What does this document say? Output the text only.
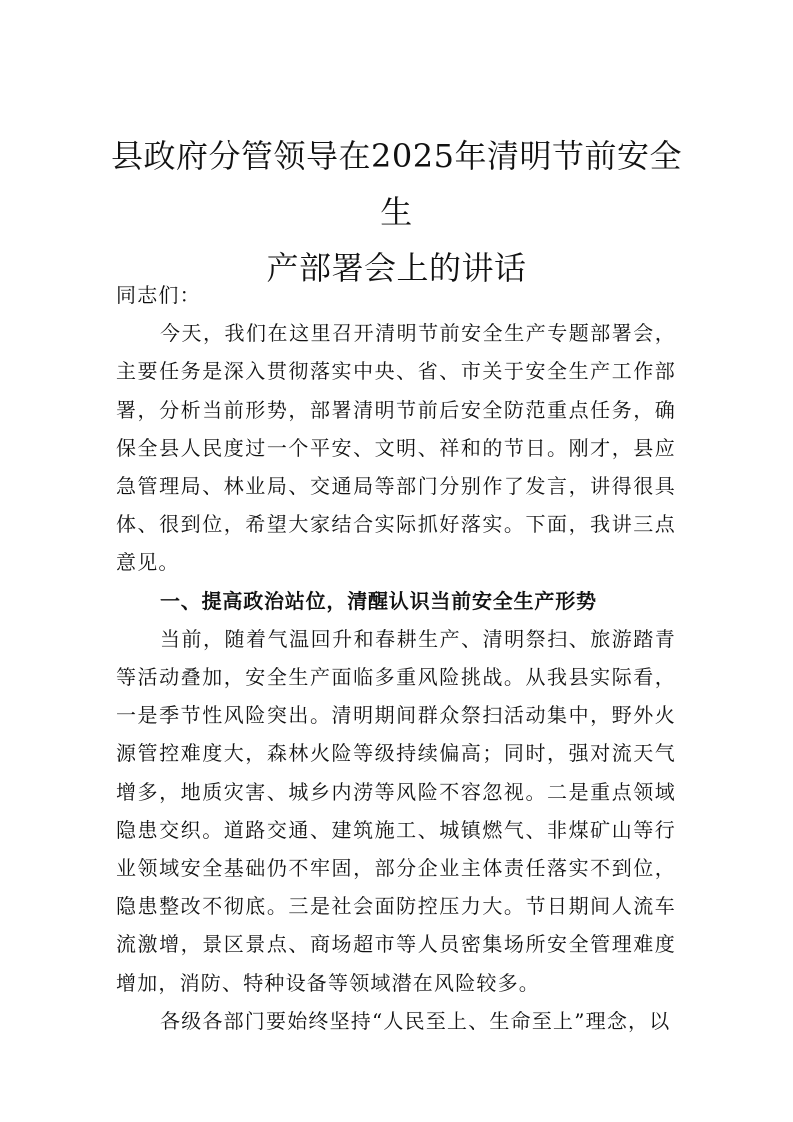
县政府分管领导在2025年清明节前安全生
产部署会上的讲话

同志们：

今天，我们在这里召开清明节前安全生产专题部署会，主要任务是深入贯彻落实中央、省、市关于安全生产工作部署，分析当前形势，部署清明节前后安全防范重点任务，确保全县人民度过一个平安、文明、祥和的节日。刚才，县应急管理局、林业局、交通局等部门分别作了发言，讲得很具体、很到位，希望大家结合实际抓好落实。下面，我讲三点意见。

一、提高政治站位，清醒认识当前安全生产形势

当前，随着气温回升和春耕生产、清明祭扫、旅游踏青等活动叠加，安全生产面临多重风险挑战。从我县实际看，一是季节性风险突出。清明期间群众祭扫活动集中，野外火源管控难度大，森林火险等级持续偏高；同时，强对流天气增多，地质灾害、城乡内涝等风险不容忽视。二是重点领域隐患交织。道路交通、建筑施工、城镇燃气、非煤矿山等行业领域安全基础仍不牢固，部分企业主体责任落实不到位，隐患整改不彻底。三是社会面防控压力大。节日期间人流车流激增，景区景点、商场超市等人员密集场所安全管理难度增加，消防、特种设备等领域潜在风险较多。

各级各部门要始终坚持“人民至上、生命至上”理念，以
